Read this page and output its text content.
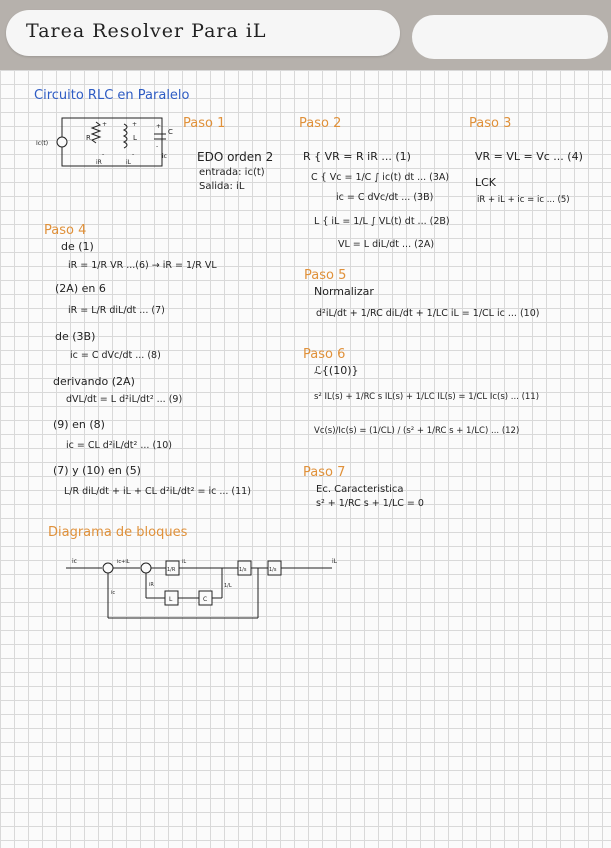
Tarea Resolver Para iL
Circuito RLC en Paralelo
Ic(t)
R	L
C
iR	iL
ic
+
-
+
-
+
-
Paso 1
EDO orden 2
entrada: ic(t)
Salida: iL
Paso 2
R { VR = R iR ... (1)
C { Vc = 1/C ∫ ic(t) dt ... (3A)
ic = C dVc/dt ... (3B)
L { iL = 1/L ∫ VL(t) dt ... (2B)
VL = L diL/dt ... (2A)
Paso 3
VR = VL = Vc ... (4)
LCK
iR + iL + ic = ic ... (5)
Paso 4
de (1)
iR = 1/R VR ...(6) → iR = 1/R VL
(2A) en 6
iR = L/R diL/dt ... (7)
de (3B)
ic = C dVc/dt ... (8)
derivando (2A)
dVL/dt = L d²iL/dt² ... (9)
(9) en (8)
ic = CL d²iL/dt² ... (10)
(7) y (10) en (5)
L/R diL/dt + iL + CL d²iL/dt² = ic ... (11)
Paso 5
Normalizar
d²iL/dt + 1/RC diL/dt + 1/LC iL = 1/CL ic ... (10)
Paso 6
ℒ{(10)}
s² IL(s) + 1/RC s IL(s) + 1/LC IL(s) = 1/CL Ic(s) ... (11)
Vc(s)/Ic(s) = (1/CL) / (s² + 1/RC s + 1/LC) ... (12)
Paso 7
Ec. Caracteristica
s² + 1/RC s + 1/LC = 0
Diagrama de bloques
ic	iL
ic+iL	iL
iR
ic
1/R
L	C
1/s	1/s
1/L
